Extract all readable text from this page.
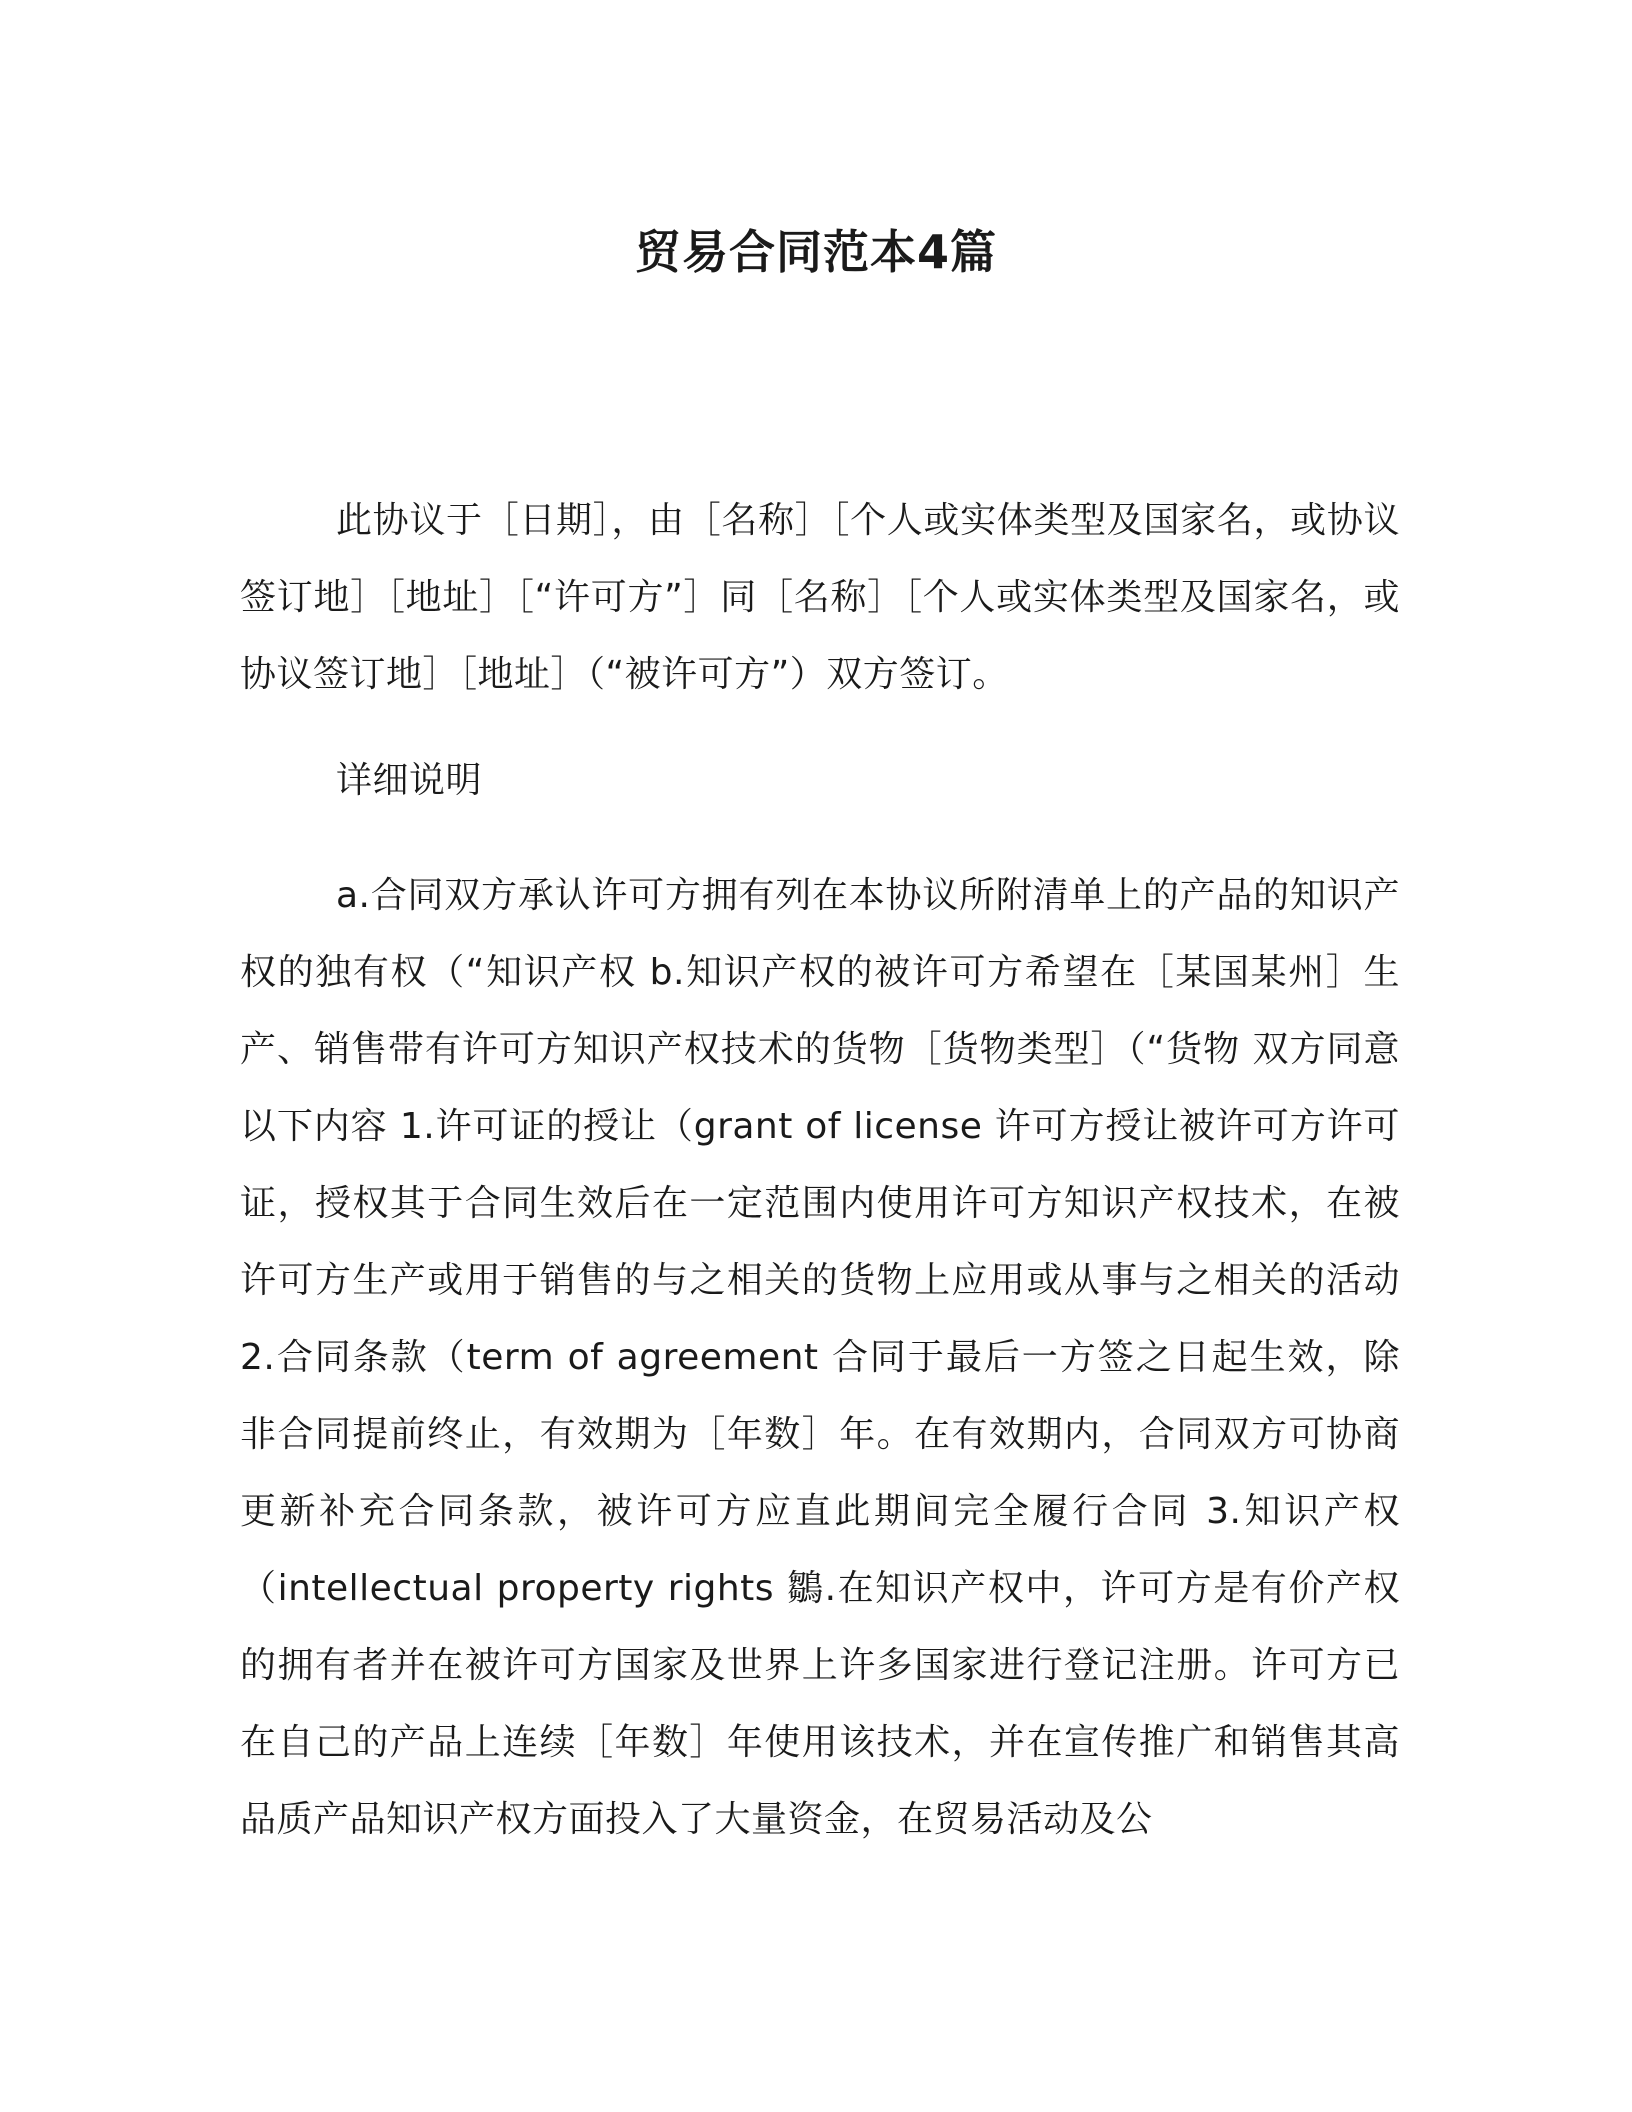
贸易合同范本4篇

此协议于［日期］，由［名称］［个人或实体类型及国家名，或协议签订地］［地址］［“许可方”］同［名称］［个人或实体类型及国家名，或协议签订地］［地址］（“被许可方”）双方签订。

详细说明

a.合同双方承认许可方拥有列在本协议所附清单上的产品的知识产权的独有权（“知识产权 b.知识产权的被许可方希望在［某国某州］生产、销售带有许可方知识产权技术的货物［货物类型］（“货物 双方同意以下内容 1.许可证的授让（grant of license 许可方授让被许可方许可证，授权其于合同生效后在一定范围内使用许可方知识产权技术，在被许可方生产或用于销售的与之相关的货物上应用或从事与之相关的活动 2.合同条款（term of agreement 合同于最后一方签之日起生效，除非合同提前终止，有效期为［年数］年。在有效期内，合同双方可协商更新补充合同条款，被许可方应直此期间完全履行合同 3.知识产权（intellectual property rights 鶵.在知识产权中，许可方是有价产权的拥有者并在被许可方国家及世界上许多国家进行登记注册。许可方已在自己的产品上连续［年数］年使用该技术，并在宣传推广和销售其高品质产品知识产权方面投入了大量资金，在贸易活动及公
